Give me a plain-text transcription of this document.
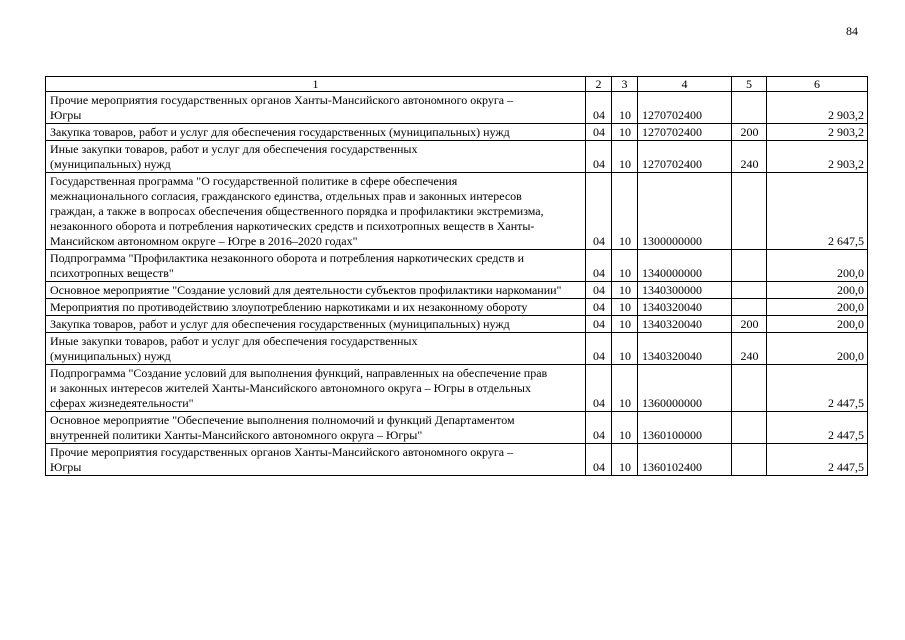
84
1	2	3	4	5	6
Прочие мероприятия государственных органов Ханты-Мансийского автономного округа – Югры	04	10	1270702400		2 903,2
Закупка товаров, работ и услуг для обеспечения государственных (муниципальных) нужд	04	10	1270702400	200	2 903,2
Иные закупки товаров, работ и услуг для обеспечения государственных (муниципальных) нужд	04	10	1270702400	240	2 903,2
Государственная программа "О государственной политике в сфере обеспечения межнационального согласия, гражданского единства, отдельных прав и законных интересов граждан, а также в вопросах обеспечения общественного порядка и профилактики экстремизма, незаконного оборота и потребления наркотических средств и психотропных веществ в Ханты-Мансийском автономном округе – Югре в 2016–2020 годах"	04	10	1300000000		2 647,5
Подпрограмма "Профилактика незаконного оборота и потребления наркотических средств и психотропных веществ"	04	10	1340000000		200,0
Основное мероприятие "Создание условий для деятельности субъектов профилактики наркомании"	04	10	1340300000		200,0
Мероприятия по противодействию злоупотреблению наркотиками и их незаконному обороту	04	10	1340320040		200,0
Закупка товаров, работ и услуг для обеспечения государственных (муниципальных) нужд	04	10	1340320040	200	200,0
Иные закупки товаров, работ и услуг для обеспечения государственных (муниципальных) нужд	04	10	1340320040	240	200,0
Подпрограмма "Создание условий для выполнения функций, направленных на обеспечение прав и законных интересов жителей Ханты-Мансийского автономного округа – Югры в отдельных сферах жизнедеятельности"	04	10	1360000000		2 447,5
Основное мероприятие "Обеспечение выполнения полномочий и функций Департаментом внутренней политики Ханты-Мансийского автономного округа – Югры"	04	10	1360100000		2 447,5
Прочие мероприятия государственных органов Ханты-Мансийского автономного округа – Югры	04	10	1360102400		2 447,5
